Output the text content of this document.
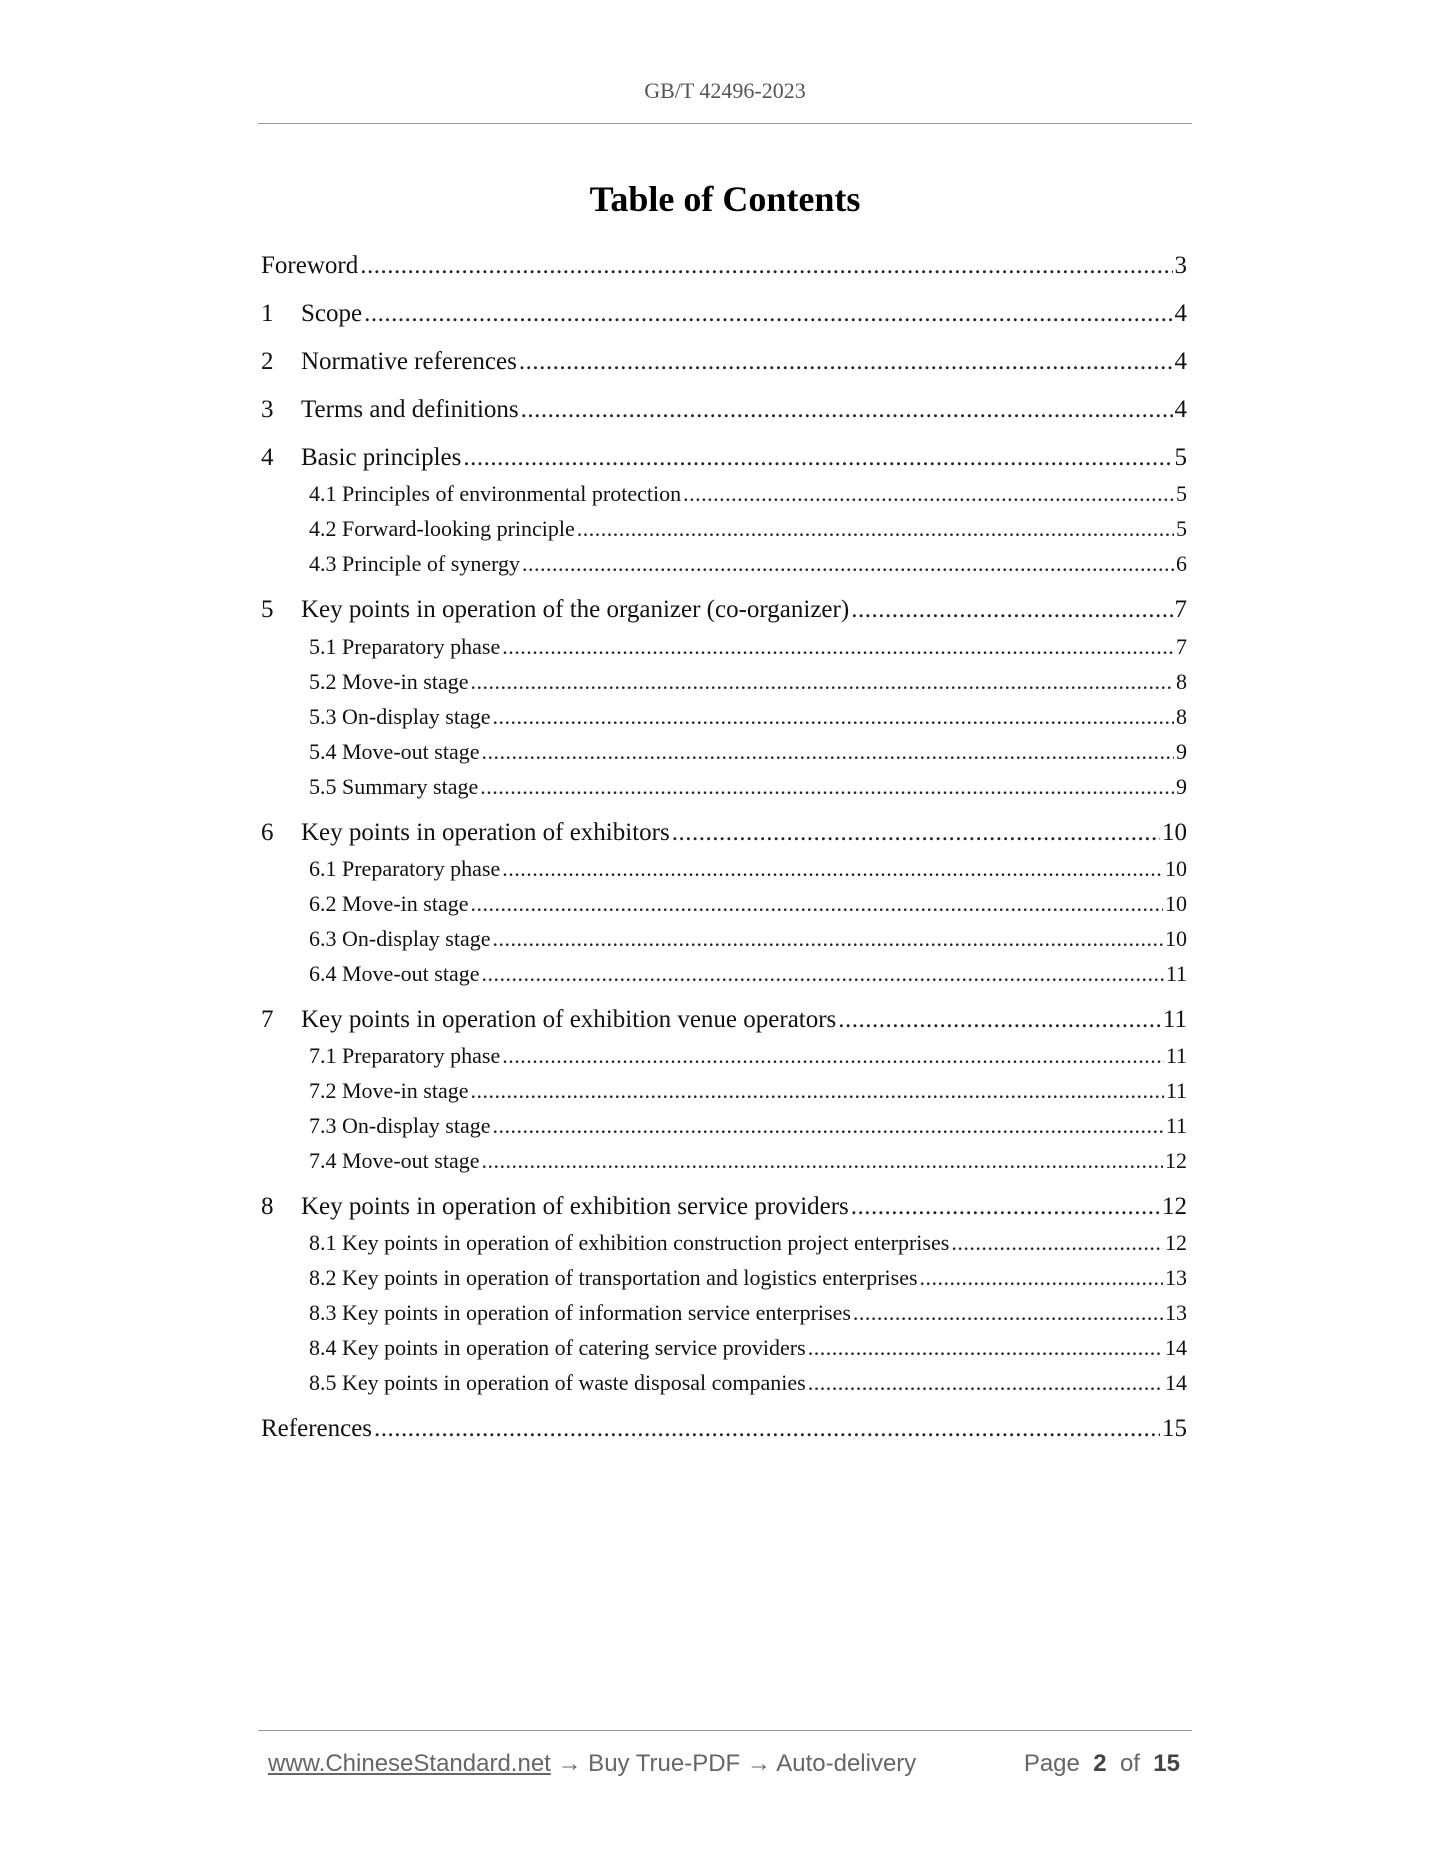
GB/T 42496-2023
Table of Contents
Foreword .....	3
1	Scope .....	4
2	Normative references .....	4
3	Terms and definitions .....	4
4	Basic principles .....	5
4.1 Principles of environmental protection .....	5
4.2 Forward-looking principle .....	5
4.3 Principle of synergy .....	6
5	Key points in operation of the organizer (co-organizer) .....	7
5.1 Preparatory phase .....	7
5.2 Move-in stage .....	8
5.3 On-display stage .....	8
5.4 Move-out stage .....	9
5.5 Summary stage .....	9
6	Key points in operation of exhibitors .....	10
6.1 Preparatory phase .....	10
6.2 Move-in stage .....	10
6.3 On-display stage .....	10
6.4 Move-out stage .....	11
7	Key points in operation of exhibition venue operators .....	11
7.1 Preparatory phase .....	11
7.2 Move-in stage .....	11
7.3 On-display stage .....	11
7.4 Move-out stage .....	12
8	Key points in operation of exhibition service providers .....	12
8.1 Key points in operation of exhibition construction project enterprises .....	12
8.2 Key points in operation of transportation and logistics enterprises .....	13
8.3 Key points in operation of information service enterprises .....	13
8.4 Key points in operation of catering service providers .....	14
8.5 Key points in operation of waste disposal companies .....	14
References .....	15
www.ChineseStandard.net → Buy True-PDF → Auto-delivery	Page 2 of 15
